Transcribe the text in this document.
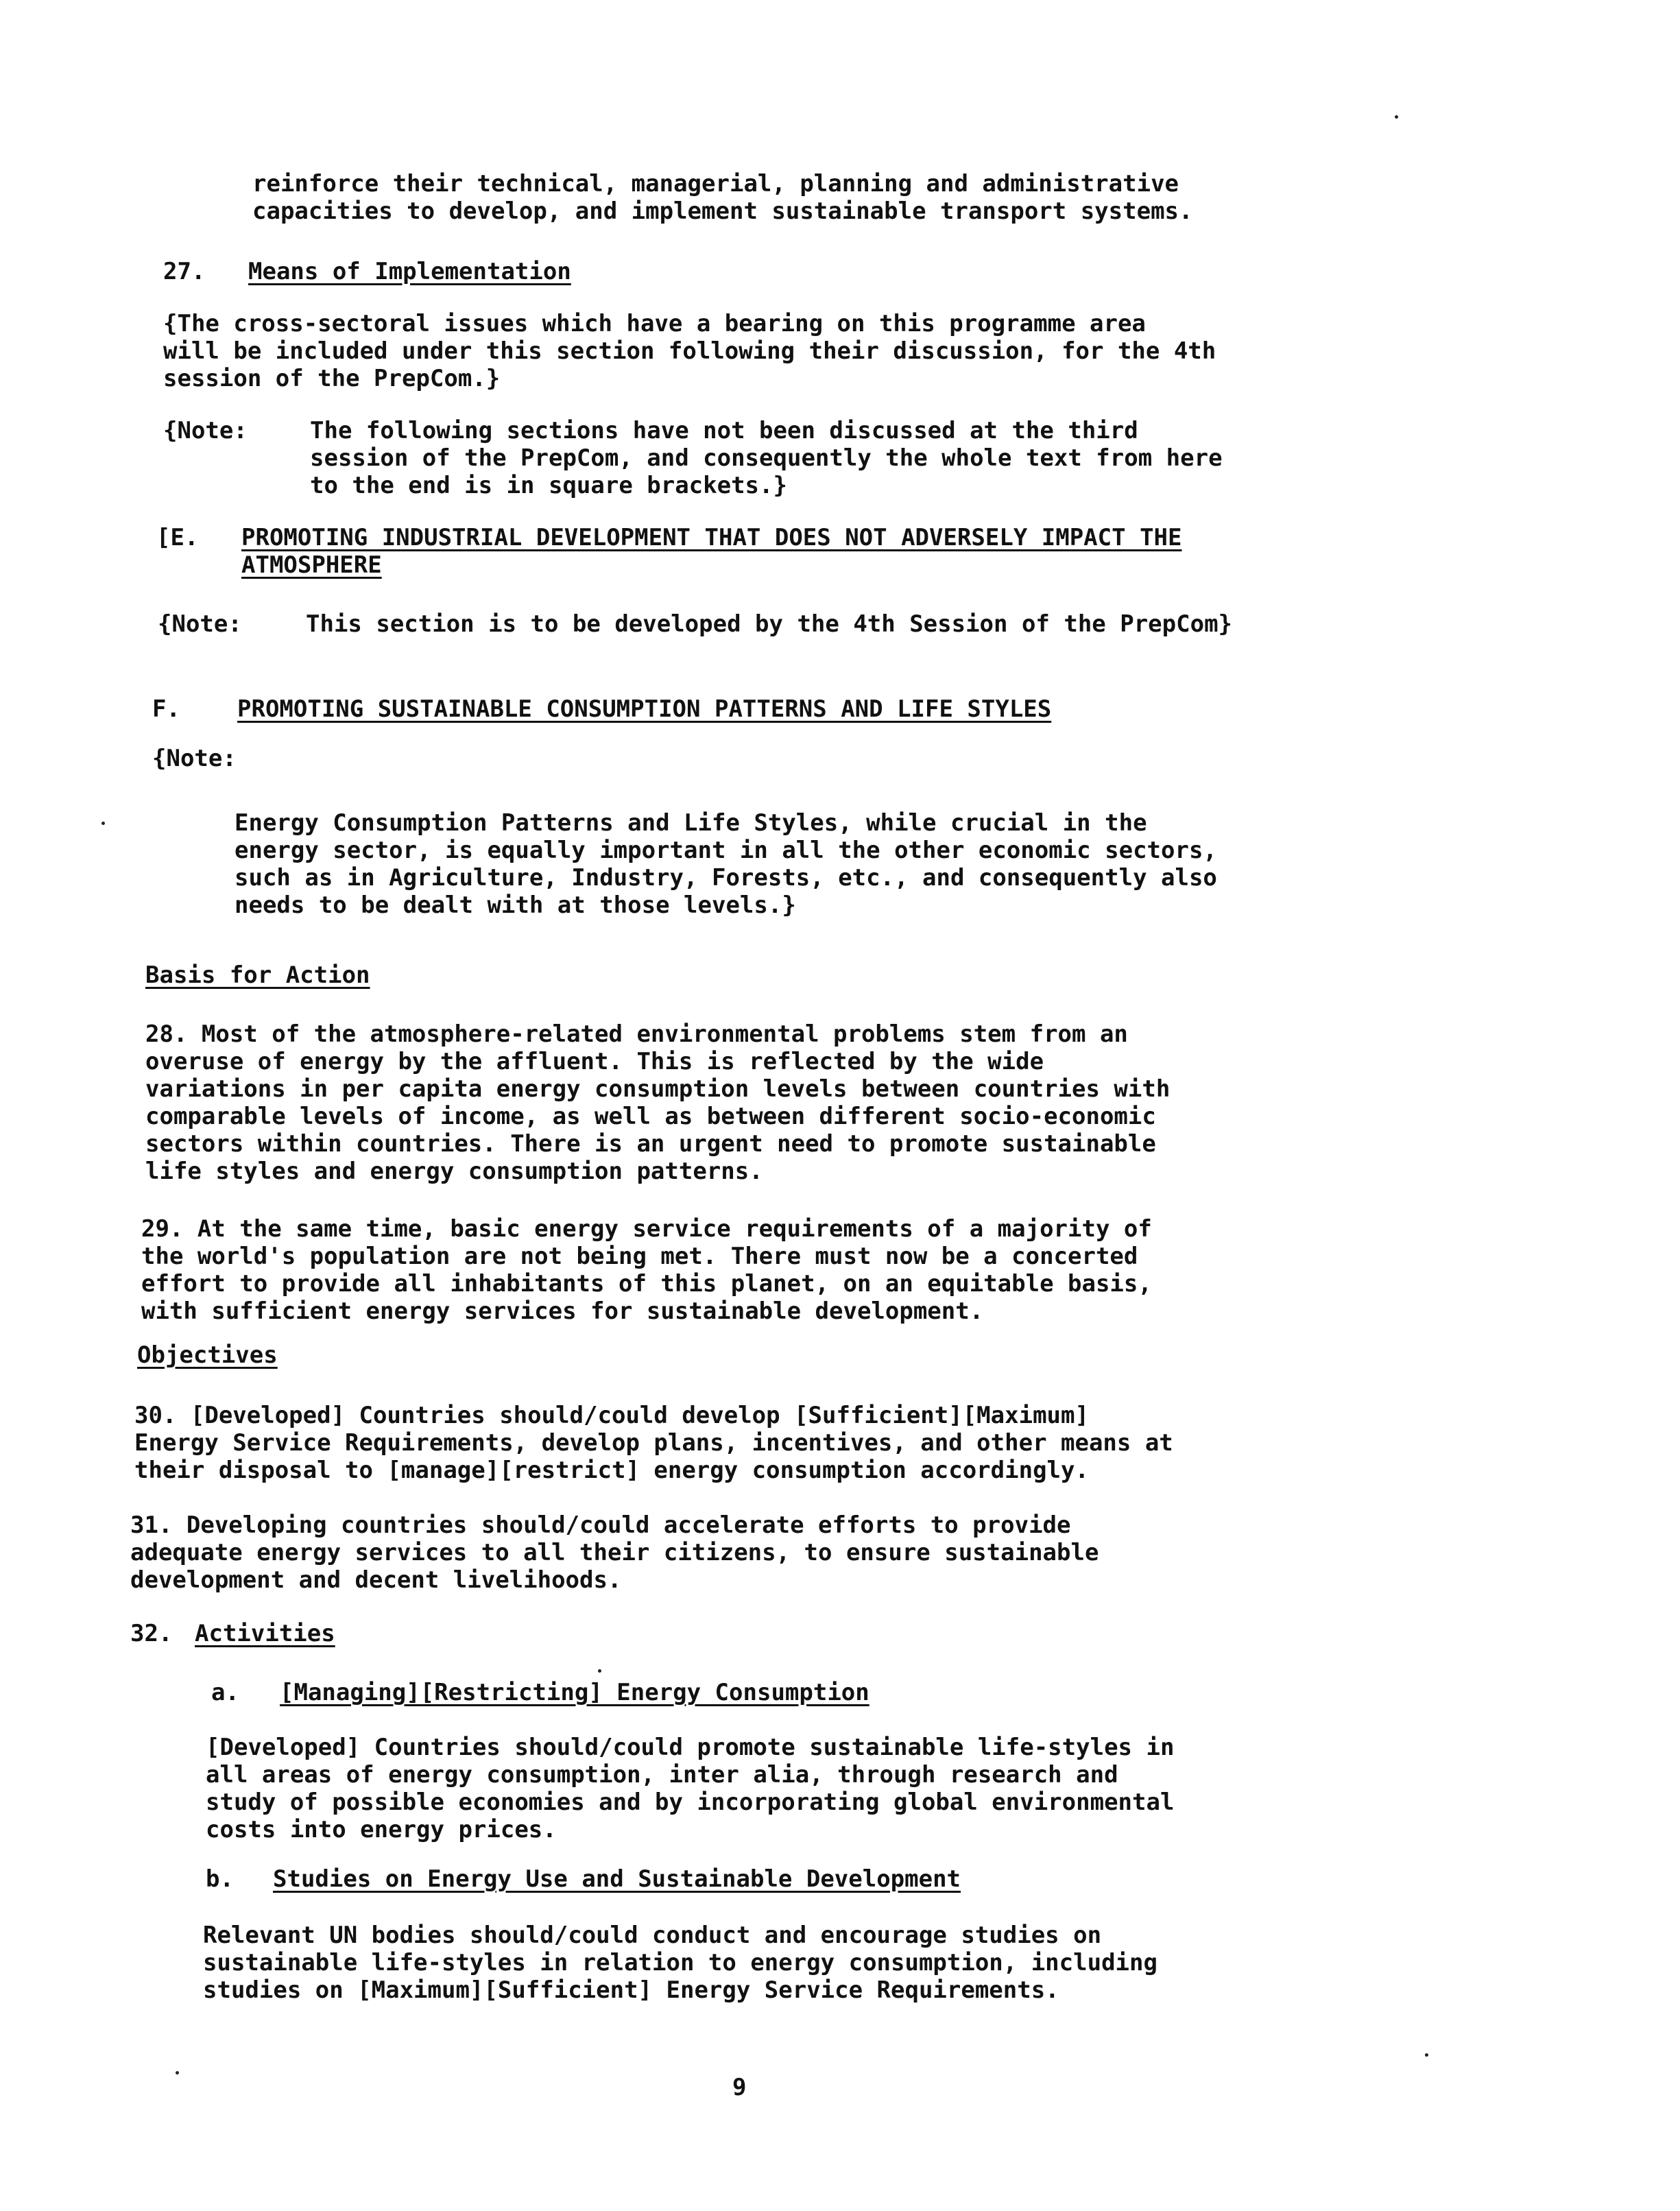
reinforce their technical, managerial, planning and administrative
capacities to develop, and implement sustainable transport systems.
27. Means of Implementation
{The cross-sectoral issues which have a bearing on this programme area
will be included under this section following their discussion, for the 4th
session of the PrepCom.}
{Note:	The following sections have not been discussed at the third
session of the PrepCom, and consequently the whole text from here
to the end is in square brackets.}
[E. PROMOTING INDUSTRIAL DEVELOPMENT THAT DOES NOT ADVERSELY IMPACT THE
ATMOSPHERE
{Note:	This section is to be developed by the 4th Session of the PrepCom}
F. PROMOTING SUSTAINABLE CONSUMPTION PATTERNS AND LIFE STYLES
{Note:
Energy Consumption Patterns and Life Styles, while crucial in the
energy sector, is equally important in all the other economic sectors,
such as in Agriculture, Industry, Forests, etc., and consequently also
needs to be dealt with at those levels.}
Basis for Action
28. Most of the atmosphere-related environmental problems stem from an
overuse of energy by the affluent. This is reflected by the wide
variations in per capita energy consumption levels between countries with
comparable levels of income, as well as between different socio-economic
sectors within countries. There is an urgent need to promote sustainable
life styles and energy consumption patterns.
29. At the same time, basic energy service requirements of a majority of
the world's population are not being met. There must now be a concerted
effort to provide all inhabitants of this planet, on an equitable basis,
with sufficient energy services for sustainable development.
Objectives
30. [Developed] Countries should/could develop [Sufficient][Maximum]
Energy Service Requirements, develop plans, incentives, and other means at
their disposal to [manage][restrict] energy consumption accordingly.
31. Developing countries should/could accelerate efforts to provide
adequate energy services to all their citizens, to ensure sustainable
development and decent livelihoods.
32. Activities
a. [Managing][Restricting] Energy Consumption
[Developed] Countries should/could promote sustainable life-styles in
all areas of energy consumption, inter alia, through research and
study of possible economies and by incorporating global environmental
costs into energy prices.
b. Studies on Energy Use and Sustainable Development
Relevant UN bodies should/could conduct and encourage studies on
sustainable life-styles in relation to energy consumption, including
studies on [Maximum][Sufficient] Energy Service Requirements.
9
